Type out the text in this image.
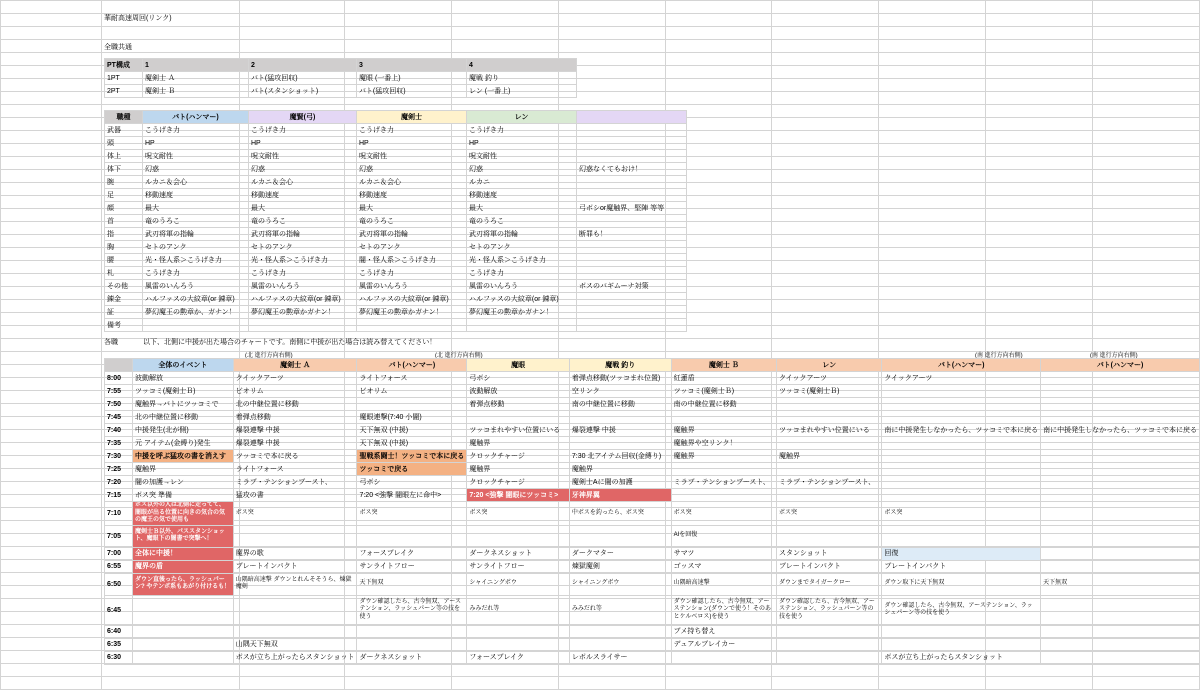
華耐高速周回(リンク)
全職共通
PT構成	1	2	3	4
1PT	魔剣士 Ａ	バト(猛攻回収)	魔眼 (一番上)	魔戦 釣り
2PT	魔剣士 Ｂ	バト(スタンショット)	バト(猛攻回収)	レン (一番上)
職種	バト(ハンマー)	魔賢(弓)	魔剣士	レン	
武器	こうげき力	こうげき力	こうげき力	こうげき力	
頭	HP	HP	HP	HP	
体上	呪文耐性	呪文耐性	呪文耐性	呪文耐性	
体下	幻惑	幻惑	幻惑	幻惑	幻惑なくてもおけ！
腕	ルカニ＆会心	ルカニ＆会心	ルカニ＆会心	ルカニ	
足	移動速度	移動速度	移動速度	移動速度	
顔	最大	最大	最大	最大	弓ボシor魔触界、堅陣 等等
首	竜のうろこ	竜のうろこ	竜のうろこ	竜のうろこ	
指	武刃将軍の指輪	武刃将軍の指輪	武刃将軍の指輪	武刃将軍の指輪	断罪も！
胸	セトのアンク	セトのアンク	セトのアンク	セトのアンク	
腰	光・怪人系＞こうげき力	光・怪人系＞こうげき力	闇・怪人系＞こうげき力	光・怪人系＞こうげき力	
札	こうげき力	こうげき力	こうげき力	こうげき力	
その他	風雷のいんろう	風雷のいんろう	風雷のいんろう	風雷のいんろう	ボスのバギムーナ対策
錬金	ハルファスの大紋章(or 錬章)	ハルファスの大紋章(or 錬章)	ハルファスの大紋章(or 錬章)	ハルファスの大紋章(or 錬章)	
証	夢幻魔王の勲章か、ガナン！	夢幻魔王の勲章かガナン！	夢幻魔王の勲章かガナン！	夢幻魔王の勲章かガナン！	
備考					
以下、北側に中援が出た場合のチャートです。南側に中援が出た場合は読み替えてください！
各職
(北 進行方向右側)	(北 進行方向右側)	(南 進行方向右側)	(南 進行方向右側)
	全体のイベント	魔剣士 Ａ	バト(ハンマー)	魔眼	魔戦 釣り	魔剣士 Ｂ	レン	バト(ハンマー)	バト(ハンマー)
8:00	波動解放	クイックアーツ	ライトフォース	弓ボシ	着弾点移動(ツッコまれ位置)	紅蓮盾	クイックアーツ	クイックアーツ	
7:55	ツッコミ(魔剣士Ｂ)	ビオリム	ビオリム	波動解放	空リンク	ツッコミ(魔剣士Ｂ)	ツッコミ(魔剣士Ｂ)		
7:50	魔触界→バトにツッコミで	北の中継位置に移動		着弾点移動	南の中継位置に移動	南の中継位置に移動			
7:45	北の中継位置に移動	着弾点移動	魔眼連撃(7:40 小闇)						
7:40	中援発生(北が側)	爆裂連撃 中援	天下無双 (中援)	ツッコまれやすい位置にいる	爆裂連撃 中援	魔触界	ツッコまれやすい位置にいる	南に中援発生しなかったら、ツッコミで本に戻る	南に中援発生しなかったら、ツッコミで本に戻る
7:35	元 アイテム(金縛り)発生	爆裂連撃 中援	天下無双 (中援)	魔触界		魔触界や空リンク！			
7:30	中援を呼ぶ猛攻の書を消えす	ツッコミで本に戻る	聖戦系闘士！ツッコミで本に戻る	クロックチャージ	7:30 北アイテム回収(金縛り)	魔触界	魔触界		
7:25	魔触界	ライトフォース	ツッコミで戻る	魔触界	魔触界				
7:20	闇の加護→レン	ミラブ・テンションブースト、	弓ボシ	クロックチャージ	魔剣士Aに闇の加護	ミラブ・テンションブースト、	ミラブ・テンションブースト、		
7:15	ボス突 準備	猛攻の書	7:20 <強撃 闇眼左に命中>	7:20 <強撃 闇眼にツッコミ>	牙神昇翼				
7:10	ボス以外の人は北側に走ってて、闇眼が出る位置に向きの気合の気の魔王の気で使用も	ボス突	ボス突	ボス突	中ボスを釣ったら、ボス突	ボス突	ボス突	ボス突	
7:05	魔剣士Ｂ以外、パススタンショット、魔眼下の闇書で突撃へ！					AIを回復			
7:00	全体に中援！	魔界の歌	フォースブレイク	ダークネスショット	ダークマター	サマツ	スタンショット	回復	
6:55	魔界の盾	ブレートインパクト	サンライトフロー	サンライトフロー	煉獄魔剣	ゴッスマ	ブレートインパクト	ブレートインパクト	
6:50	ダウン直後ったら、ラッシュパーン? やテンポ系もあがり付けるも！	山隅暗高速撃 ダウンとれんそそうら、煉獄魔剣	天下無双	シャイニングボウ	シャイニングボウ	山隅暗高速撃	ダウンまでタイガークロー	ダウン取下に天下無双	天下無双
6:45			ダウン確認したら、古今無双、アーステンション、ラッシュパーン等の技を使う	みみだれ等	みみだれ等	ダウン確認したら、古今無双、アーステンション(ダウンで使う！そのあとケルベロス)を使う	ダウン確認したら、古今無双、アーステンション、ラッシュパーン等の技を使う	ダウン確認したら、古今無双、アーステンション、ラッシュパーン等の技を使う	
6:40						ブメ持ち替え			
6:35		山隅天下無双				デュアルブレイカー			
6:30		ボスが立ち上がったらスタンショット	ダークネスショット	フォースブレイク	レボルスライサー			ボスが立ち上がったらスタンショット	
